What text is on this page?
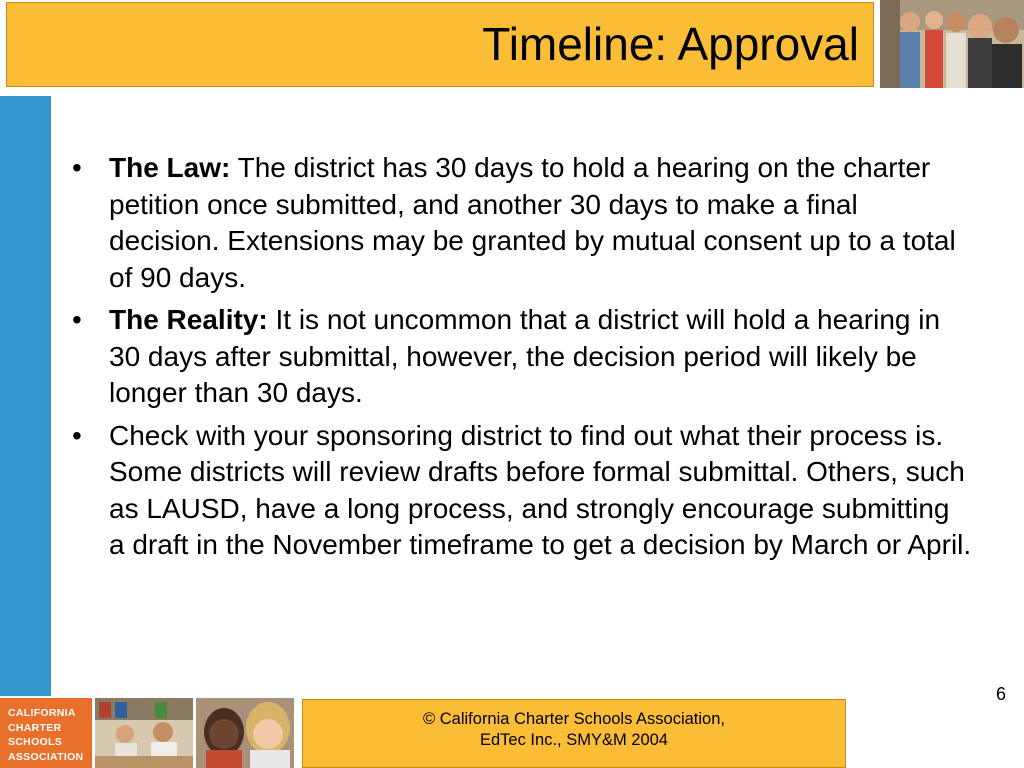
Timeline: Approval
• The Law: The district has 30 days to hold a hearing on the charter petition once submitted, and another 30 days to make a final decision. Extensions may be granted by mutual consent up to a total of 90 days.
• The Reality: It is not uncommon that a district will hold a hearing in 30 days after submittal, however, the decision period will likely be longer than 30 days.
• Check with your sponsoring district to find out what their process is. Some districts will review drafts before formal submittal. Others, such as LAUSD, have a long process, and strongly encourage submitting a draft in the November timeframe to get a decision by March or April.
6
CALIFORNIA
CHARTER
SCHOOLS
ASSOCIATION
© California Charter Schools Association,
EdTec Inc., SMY&M 2004
